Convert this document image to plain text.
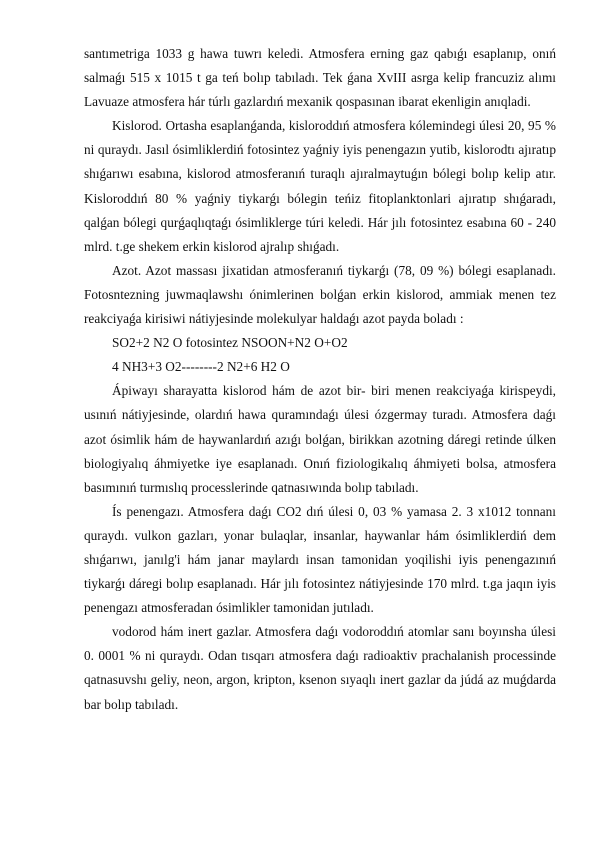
santımetriga 1033 g hawa tuwrı keledi. Atmosfera erning gaz qabıǵı esaplanıp, onıń salmaǵı 515 x 1015 t ga teń bolıp tabıladı. Tek ǵana XvIII asrga kelip francuziz alımı Lavuaze atmosfera hár túrlı gazlardıń mexanik qospasınan ibarat ekenligin anıqladi.

Kislorod. Ortasha esaplanǵanda, kisloroddıń atmosfera kólemindegi úlesi 20, 95 % ni quraydı. Jasıl ósimliklerdiń fotosintez yaǵniy iyis penengazın yutib, kislorodtı ajıratıp shıǵarıwı esabına, kislorod atmosferanıń turaqlı ajıralmaytuǵın bólegi bolıp kelip atır. Kisloroddıń 80 % yaǵniy tiykarǵı bólegin teńiz fitoplanktonlari ajıratıp shıǵaradı, qalǵan bólegi qurǵaqlıqtaǵı ósimliklerge túri keledi. Hár jılı fotosintez esabına 60 - 240 mlrd. t.ge shekem erkin kislorod ajralıp shıǵadı.

Azot. Azot massası jixatidan atmosferanıń tiykarǵı (78, 09 %) bólegi esaplanadı. Fotosntezning juwmaqlawshı ónimlerinen bolǵan erkin kislorod, ammiak menen tez reakciyaǵa kirisiwi nátiyjesinde molekulyar haldaǵı azot payda boladı :

SO2+2 N2 O fotosintez NSOON+N2 O+O2

4 NH3+3 O2--------2 N2+6 H2 O

Ápiwayı sharayatta kislorod hám de azot bir- biri menen reakciyaǵa kirispeydi, usınıń nátiyjesinde, olardıń hawa quramındaǵı úlesi ózgermay turadı. Atmosfera daǵı azot ósimlik hám de haywanlardıń azıǵı bolǵan, birikkan azotning dáregi retinde úlken biologiyalıq áhmiyetke iye esaplanadı. Onıń fiziologikalıq áhmiyeti bolsa, atmosfera basımınıń turmıslıq processlerinde qatnasıwında bolıp tabıladı.

Ís penengazı. Atmosfera daǵı CO2 dıń úlesi 0, 03 % yamasa 2. 3 x1012 tonnanı quraydı. vulkon gazları, yonar bulaqlar, insanlar, haywanlar hám ósimliklerdiń dem shıǵarıwı, janılg'i hám janar maylardı insan tamonidan yoqilishi iyis penengazınıń tiykarǵı dáregi bolıp esaplanadı. Hár jılı fotosintez nátiyjesinde 170 mlrd. t.ga jaqın iyis penengazı atmosferadan ósimlikler tamonidan jutıladı.

vodorod hám inert gazlar. Atmosfera daǵı vodoroddıń atomlar sanı boyınsha úlesi 0. 0001 % ni quraydı. Odan tısqarı atmosfera daǵı radioaktiv prachalanish processinde qatnasuvshı geliy, neon, argon, kripton, ksenon sıyaqlı inert gazlar da júdá az muǵdarda bar bolıp tabıladı.
